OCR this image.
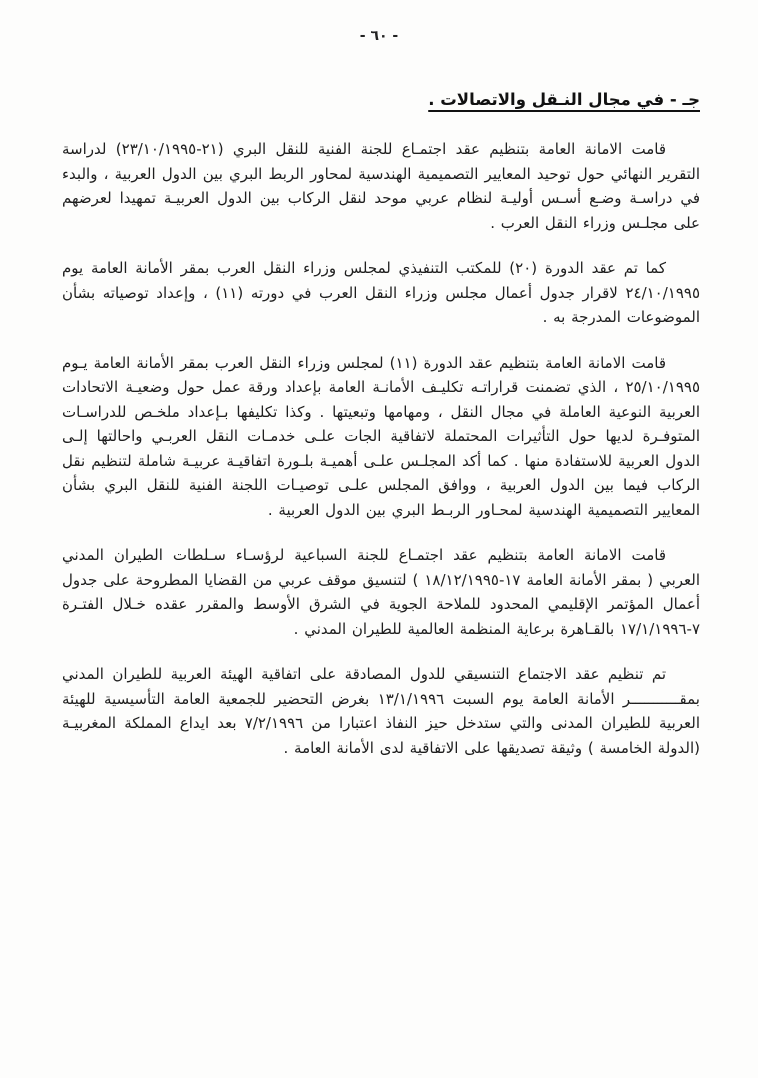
- ٦٠ -
جـ - في مجال النـقل والاتصالات .

قامت الامانة العامة بتنظيم عقد اجتمـاع للجنة الفنية للنقل البري (٢١-٢٣/١٠/١٩٩٥) لدراسة التقرير النهائي حول توحيد المعايير التصميمية الهندسية لمحاور الربط البري بين الدول العربية ، والبدء في دراسـة وضـع أسـس أوليـة لنظام عربي موحد لنقل الركاب بين الدول العربيـة تمهيدا لعرضهم على مجلـس وزراء النقل العرب .

كما تم عقد الدورة (٢٠) للمكتب التنفيذي لمجلس وزراء النقل العرب بمقر الأمانة العامة يوم ٢٤/١٠/١٩٩٥ لاقرار جدول أعمال مجلس وزراء النقل العرب في دورته (١١) ، وإعداد توصياته بشأن الموضوعات المدرجة به .

قامت الامانة العامة بتنظيم عقد الدورة (١١) لمجلس وزراء النقل العرب بمقر الأمانة العامة يـوم ٢٥/١٠/١٩٩٥ ، الذي تضمنت قراراتـه تكليـف الأمانـة العامة بإعداد ورقة عمل حول وضعيـة الاتحادات العربية النوعية العاملة في مجال النقل ، ومهامها وتبعيتها . وكذا تكليفها بـإعداد ملخـص للدراسـات المتوفـرة لديها حول التأثيرات المحتملة لاتفاقية الجات علـى خدمـات النقل العربـي واحالتها إلـى الدول العربية للاستفادة منها . كما أكد المجلـس علـى أهميـة بلـورة اتفاقيـة عربيـة شاملة لتنظيم نقل الركاب فيما بين الدول العربية ، ووافق المجلس علـى توصيـات اللجنة الفنية للنقل البري بشأن المعايير التصميمية الهندسية لمحـاور الربـط البري بين الدول العربية .

قامت الامانة العامة بتنظيم عقد اجتمـاع للجنة السباعية لرؤسـاء سـلطات الطيران المدني العربي ( بمقر الأمانة العامة ١٧-١٨/١٢/١٩٩٥ ) لتنسيق موقف عربي من القضايا المطروحة على جدول أعمال المؤتمر الإقليمي المحدود للملاحة الجوية في الشرق الأوسط والمقرر عقده خـلال الفتـرة ٧-١٧/١/١٩٩٦ بالقـاهرة برعاية المنظمة العالمية للطيران المدني .

تم تنظيم عقد الاجتماع التنسيقي للدول المصادقة على اتفاقية الهيئة العربية للطيران المدني بمقـــــــــــر الأمانة العامة يوم السبت ١٣/١/١٩٩٦ بغرض التحضير للجمعية العامة التأسيسية للهيئة العربية للطيران المدنى والتي ستدخل حيز النفاذ اعتبارا من ٧/٢/١٩٩٦ بعد ايداع المملكة المغربيـة (الدولة الخامسة ) وثيقة تصديقها على الاتفاقية لدى الأمانة العامة .
